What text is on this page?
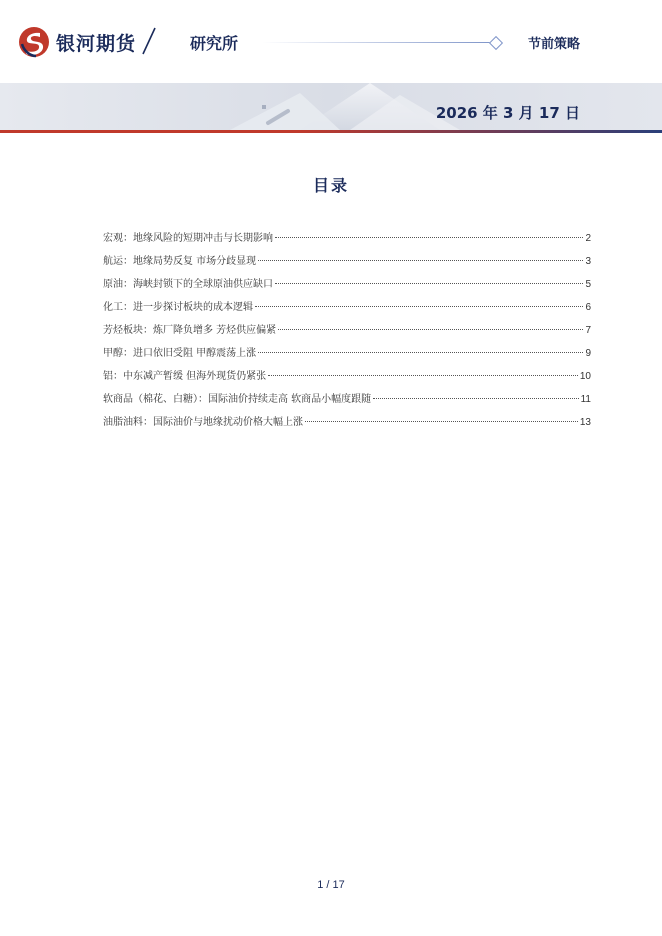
银河期货	研究所	节前策略
2026 年 3 月 17 日
目录
宏观：地缘风险的短期冲击与长期影响	2
航运：地缘局势反复 市场分歧显现	3
原油：海峡封锁下的全球原油供应缺口	5
化工：进一步探讨板块的成本逻辑	6
芳烃板块：炼厂降负增多 芳烃供应偏紧	7
甲醇：进口依旧受阻 甲醇震荡上涨	9
铝：中东减产暂缓 但海外现货仍紧张	10
软商品（棉花、白糖）：国际油价持续走高 软商品小幅度跟随	11
油脂油料：国际油价与地缘扰动价格大幅上涨	13
1 / 17
